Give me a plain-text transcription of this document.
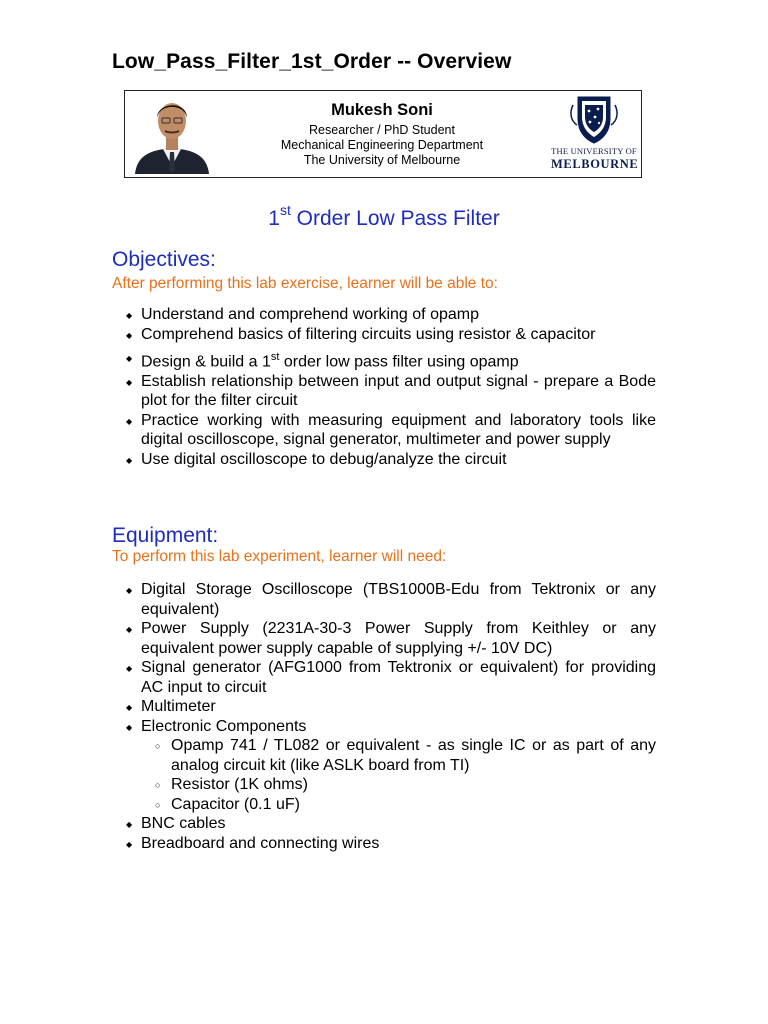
Low_Pass_Filter_1st_Order -- Overview

Mukesh Soni

Researcher / PhD Student

Mechanical Engineering Department

The University of Melbourne

THE UNIVERSITY OF
MELBOURNE
1st Order Low Pass Filter
Objectives:

After performing this lab exercise, learner will be able to:

◆ Understand and comprehend working of opamp
◆ Comprehend basics of filtering circuits using resistor & capacitor
◆ Design & build a 1st order low pass filter using opamp
◆ Establish relationship between input and output signal - prepare a Bode plot for the filter circuit
◆ Practice working with measuring equipment and laboratory tools like digital oscilloscope, signal generator, multimeter and power supply
◆ Use digital oscilloscope to debug/analyze the circuit
Equipment:

To perform this lab experiment, learner will need:

◆ Digital Storage Oscilloscope (TBS1000B-Edu from Tektronix or any equivalent)
◆ Power Supply (2231A-30-3 Power Supply from Keithley or any equivalent power supply capable of supplying +/- 10V DC)
◆ Signal generator (AFG1000 from Tektronix or equivalent) for providing AC input to circuit
◆ Multimeter
◆ Electronic Components
○ Opamp 741 / TL082 or equivalent - as single IC or as part of any analog circuit kit (like ASLK board from TI)
○ Resistor (1K ohms)
○ Capacitor (0.1 uF)
◆ BNC cables
◆ Breadboard and connecting wires
